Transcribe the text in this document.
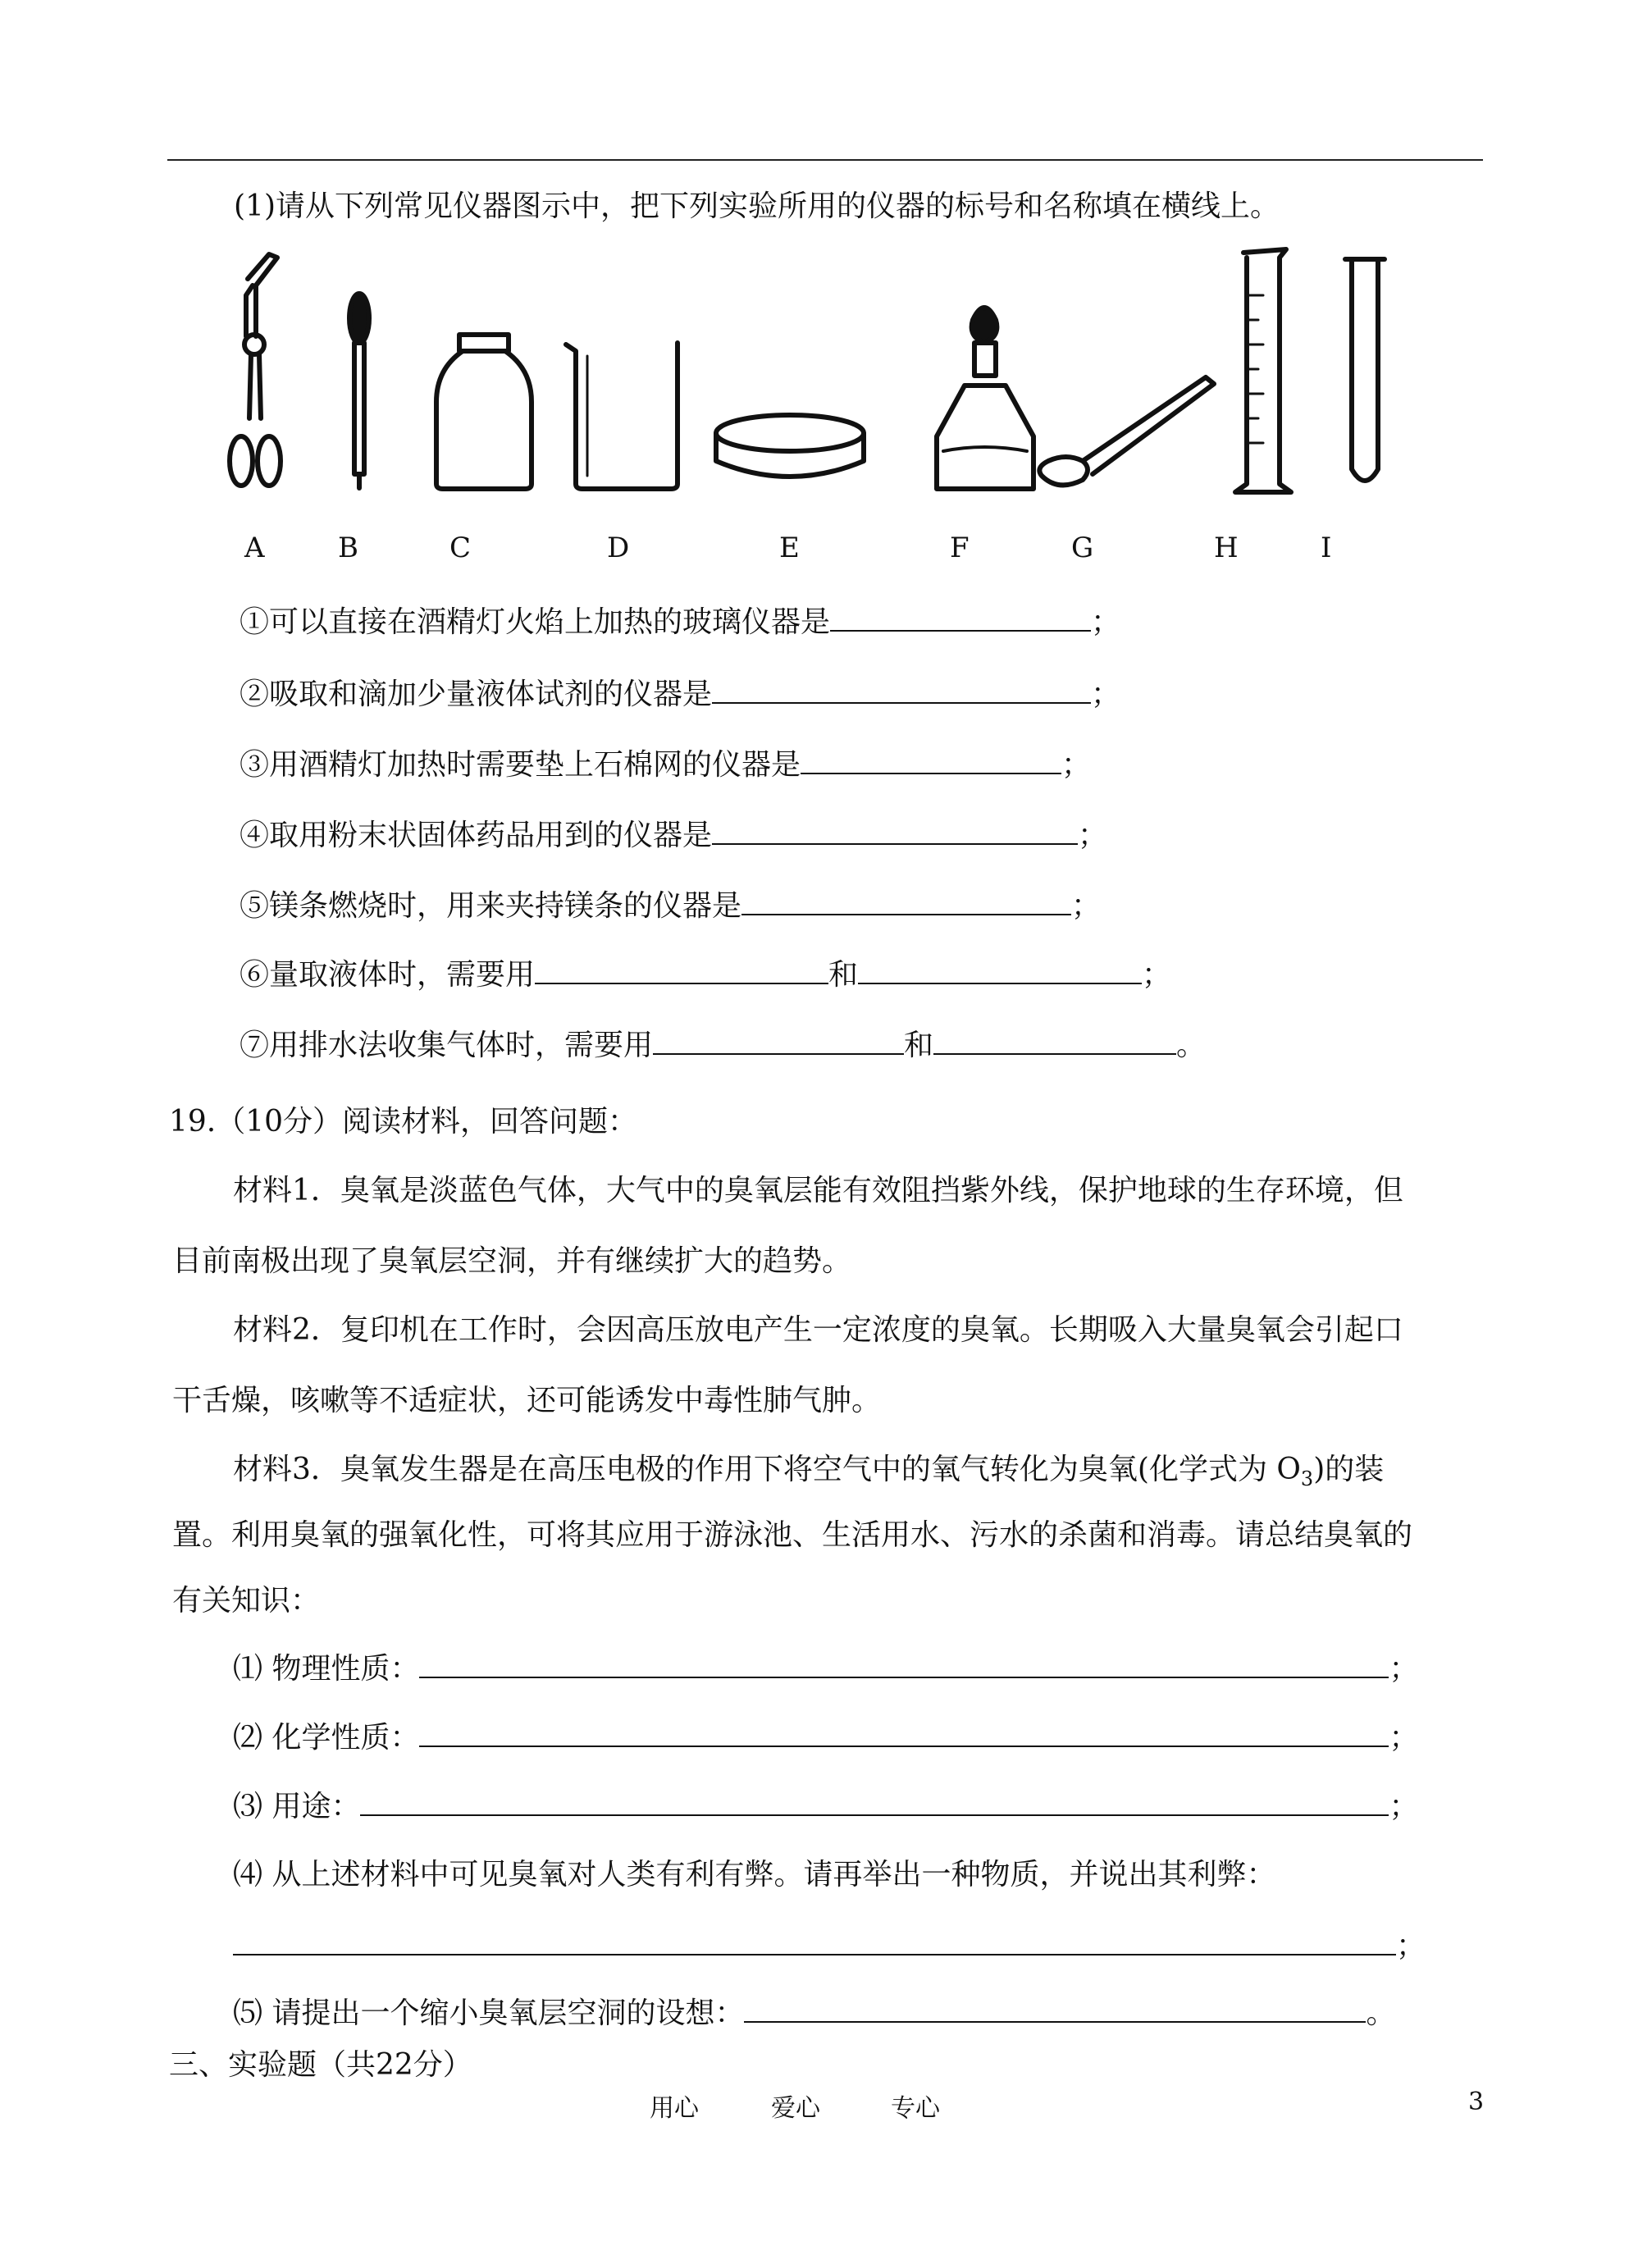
(1)请从下列常见仪器图示中，把下列实验所用的仪器的标号和名称填在横线上。
A	B	C	D	E	F	G	H	I
①可以直接在酒精灯火焰上加热的玻璃仪器是	；
②吸取和滴加少量液体试剂的仪器是	；
③用酒精灯加热时需要垫上石棉网的仪器是	；
④取用粉末状固体药品用到的仪器是	；
⑤镁条燃烧时，用来夹持镁条的仪器是	；
⑥量取液体时，需要用	和	；
⑦用排水法收集气体时，需要用	和	。
19.（10分）阅读材料，回答问题：
材料1．臭氧是淡蓝色气体，大气中的臭氧层能有效阻挡紫外线，保护地球的生存环境，但
目前南极出现了臭氧层空洞，并有继续扩大的趋势。
材料2．复印机在工作时，会因高压放电产生一定浓度的臭氧。长期吸入大量臭氧会引起口
干舌燥，咳嗽等不适症状，还可能诱发中毒性肺气肿。
材料3．臭氧发生器是在高压电极的作用下将空气中的氧气转化为臭氧(化学式为 $O_3$)的装
置。利用臭氧的强氧化性，可将其应用于游泳池、生活用水、污水的杀菌和消毒。请总结臭氧的
有关知识：
⑴ 物理性质：	；
⑵ 化学性质：	；
⑶ 用途：	；
⑷ 从上述材料中可见臭氧对人类有利有弊。请再举出一种物质，并说出其利弊：
；
⑸ 请提出一个缩小臭氧层空洞的设想：	。
三、实验题（共22分）
用心	爱心	专心	3
